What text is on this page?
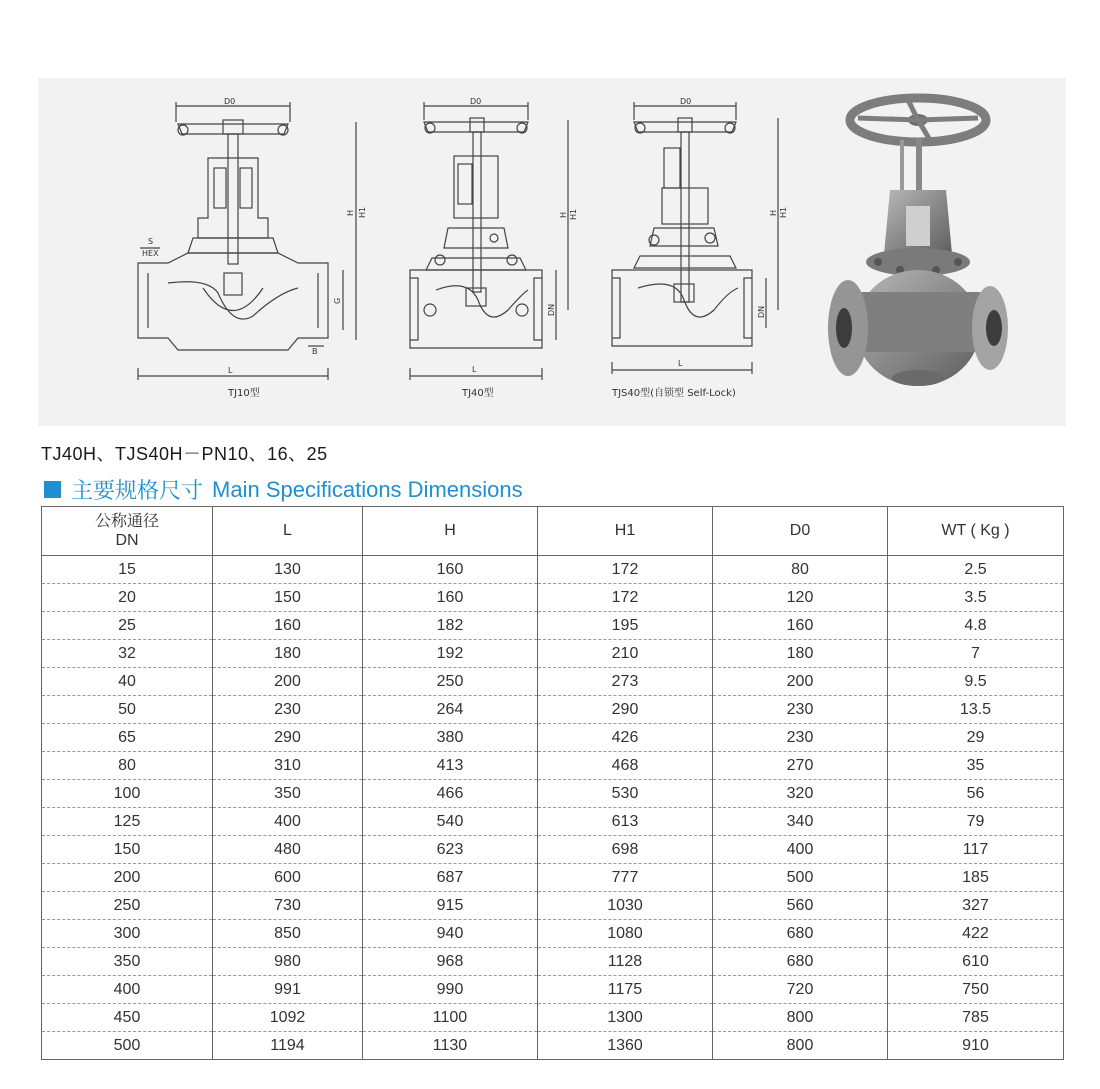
D0
H H1
G
B
L
S
HEX
TJ10型
D0
H H1
DN
L
TJ40型
D0
H H1
DN
L
TJS40型(自锁型 Self-Lock)
TJ40H、TJS40H－PN10、16、25
主要规格尺寸 Main Specifications Dimensions
公称通径
DN	L	H	H1	D0	WT ( Kg )
15	130	160	172	80	2.5
20	150	160	172	120	3.5
25	160	182	195	160	4.8
32	180	192	210	180	7
40	200	250	273	200	9.5
50	230	264	290	230	13.5
65	290	380	426	230	29
80	310	413	468	270	35
100	350	466	530	320	56
125	400	540	613	340	79
150	480	623	698	400	117
200	600	687	777	500	185
250	730	915	1030	560	327
300	850	940	1080	680	422
350	980	968	1128	680	610
400	991	990	1175	720	750
450	1092	1100	1300	800	785
500	1194	1130	1360	800	910
